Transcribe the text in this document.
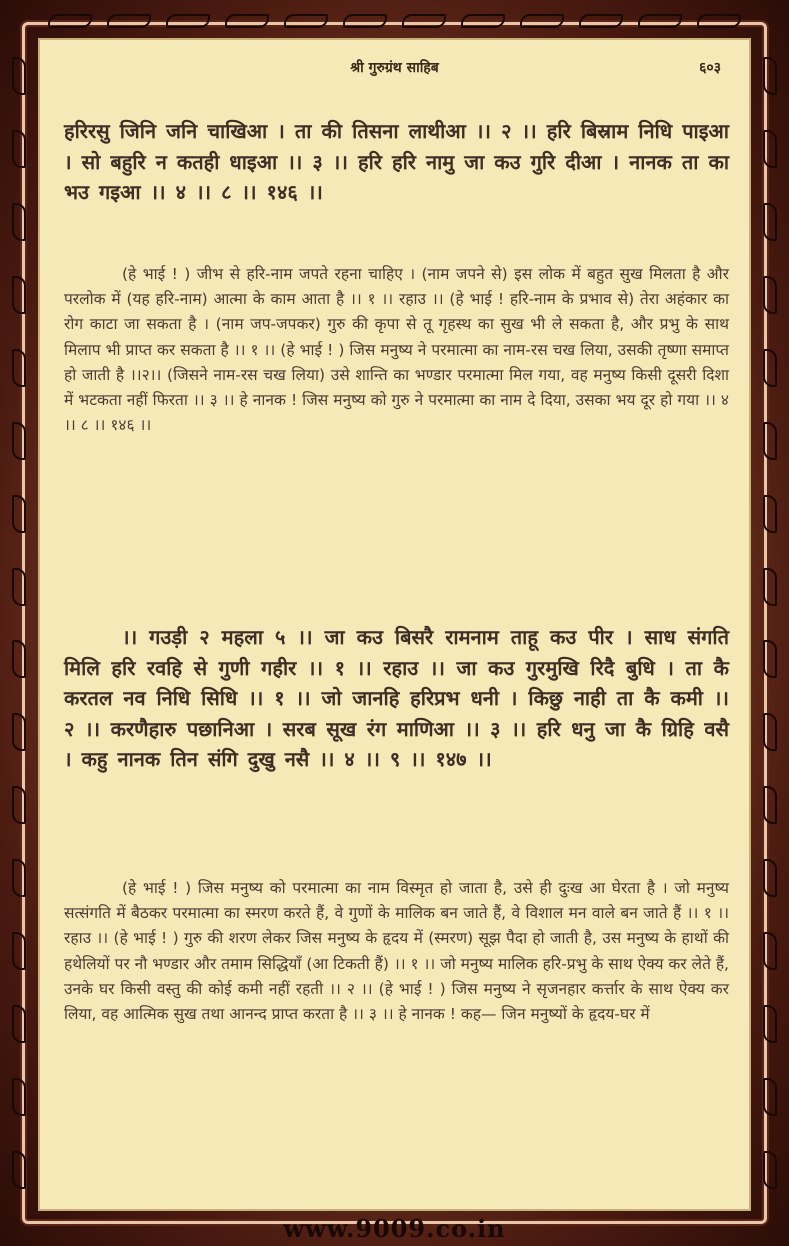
श्री गुरुग्रंथ साहिब	६०३
हरिरसु जिनि जनि चाखिआ । ता की तिसना लाथीआ ।। २ ।। हरि बिस्राम निधि पाइआ । सो बहुरि न कतही धाइआ ।। ३ ।। हरि हरि नामु जा कउ गुरि दीआ । नानक ता का भउ गइआ ।। ४ ।। ८ ।। १४६ ।।
(हे भाई ! ) जीभ से हरि-नाम जपते रहना चाहिए । (नाम जपने से) इस लोक में बहुत सुख मिलता है और परलोक में (यह हरि-नाम) आत्मा के काम आता है ।। १ ।। रहाउ ।। (हे भाई ! हरि-नाम के प्रभाव से) तेरा अहंकार का रोग काटा जा सकता है । (नाम जप-जपकर) गुरु की कृपा से तू गृहस्थ का सुख भी ले सकता है, और प्रभु के साथ मिलाप भी प्राप्त कर सकता है ।। १ ।। (हे भाई ! ) जिस मनुष्य ने परमात्मा का नाम-रस चख लिया, उसकी तृष्णा समाप्त हो जाती है ।।२।। (जिसने नाम-रस चख लिया) उसे शान्ति का भण्डार परमात्मा मिल गया, वह मनुष्य किसी दूसरी दिशा में भटकता नहीं फिरता ।। ३ ।। हे नानक ! जिस मनुष्य को गुरु ने परमात्मा का नाम दे दिया, उसका भय दूर हो गया ।। ४ ।। ८ ।। १४६ ।।
।। गउड़ी २ महला ५ ।। जा कउ बिसरै रामनाम ताहू कउ पीर । साध संगति मिलि हरि रवहि से गुणी गहीर ।। १ ।। रहाउ ।। जा कउ गुरमुखि रिदै बुधि । ता कै करतल नव निधि सिधि ।। १ ।। जो जानहि हरिप्रभ धनी । किछु नाही ता कै कमी ।। २ ।। करणैहारु पछानिआ । सरब सूख रंग माणिआ ।। ३ ।। हरि धनु जा कै ग्रिहि वसै । कहु नानक तिन संगि दुखु नसै ।। ४ ।। ९ ।। १४७ ।।
(हे भाई ! ) जिस मनुष्य को परमात्मा का नाम विस्मृत हो जाता है, उसे ही दुःख आ घेरता है । जो मनुष्य सत्संगति में बैठकर परमात्मा का स्मरण करते हैं, वे गुणों के मालिक बन जाते हैं, वे विशाल मन वाले बन जाते हैं ।। १ ।। रहाउ ।। (हे भाई ! ) गुरु की शरण लेकर जिस मनुष्य के हृदय में (स्मरण) सूझ पैदा हो जाती है, उस मनुष्य के हाथों की हथेलियों पर नौ भण्डार और तमाम सिद्धियाँ (आ टिकती हैं) ।। १ ।। जो मनुष्य मालिक हरि-प्रभु के साथ ऐक्य कर लेते हैं, उनके घर किसी वस्तु की कोई कमी नहीं रहती ।। २ ।। (हे भाई ! ) जिस मनुष्य ने सृजनहार कर्त्तार के साथ ऐक्य कर लिया, वह आत्मिक सुख तथा आनन्द प्राप्त करता है ।। ३ ।। हे नानक ! कह— जिन मनुष्यों के हृदय-घर में
www.9009.co.in
